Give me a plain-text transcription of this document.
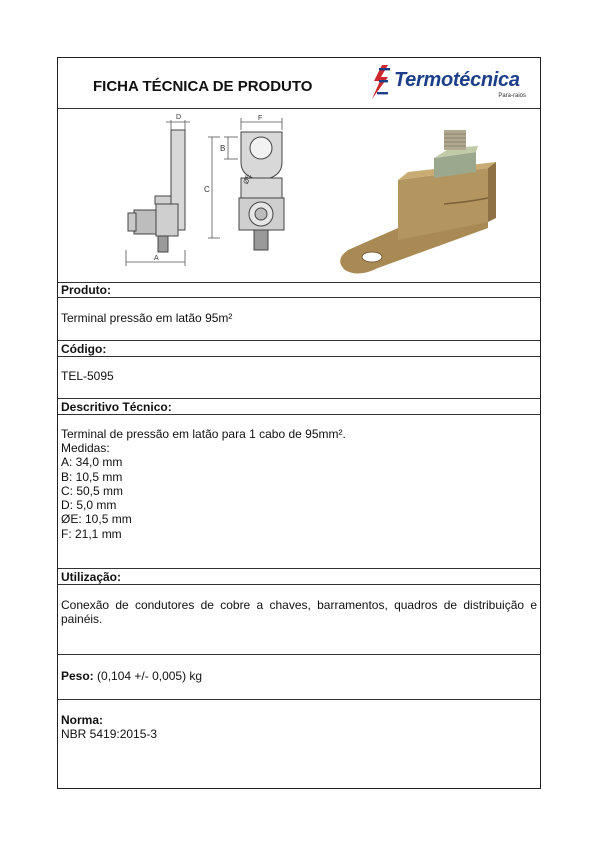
FICHA TÉCNICA DE PRODUTO	Termotécnica
Para-raios
D
A
F
B
C
ØE
Produto:
Terminal pressão em latão 95m²
Código:
TEL-5095
Descritivo Técnico:
Terminal de pressão em latão para 1 cabo de 95mm².
Medidas:
A: 34,0 mm
B: 10,5 mm
C: 50,5 mm
D: 5,0 mm
ØE: 10,5 mm
F: 21,1 mm
Utilização:
Conexão de condutores de cobre a chaves, barramentos, quadros de distribuição e painéis.
Peso: (0,104 +/- 0,005) kg
Norma:
NBR 5419:2015-3
